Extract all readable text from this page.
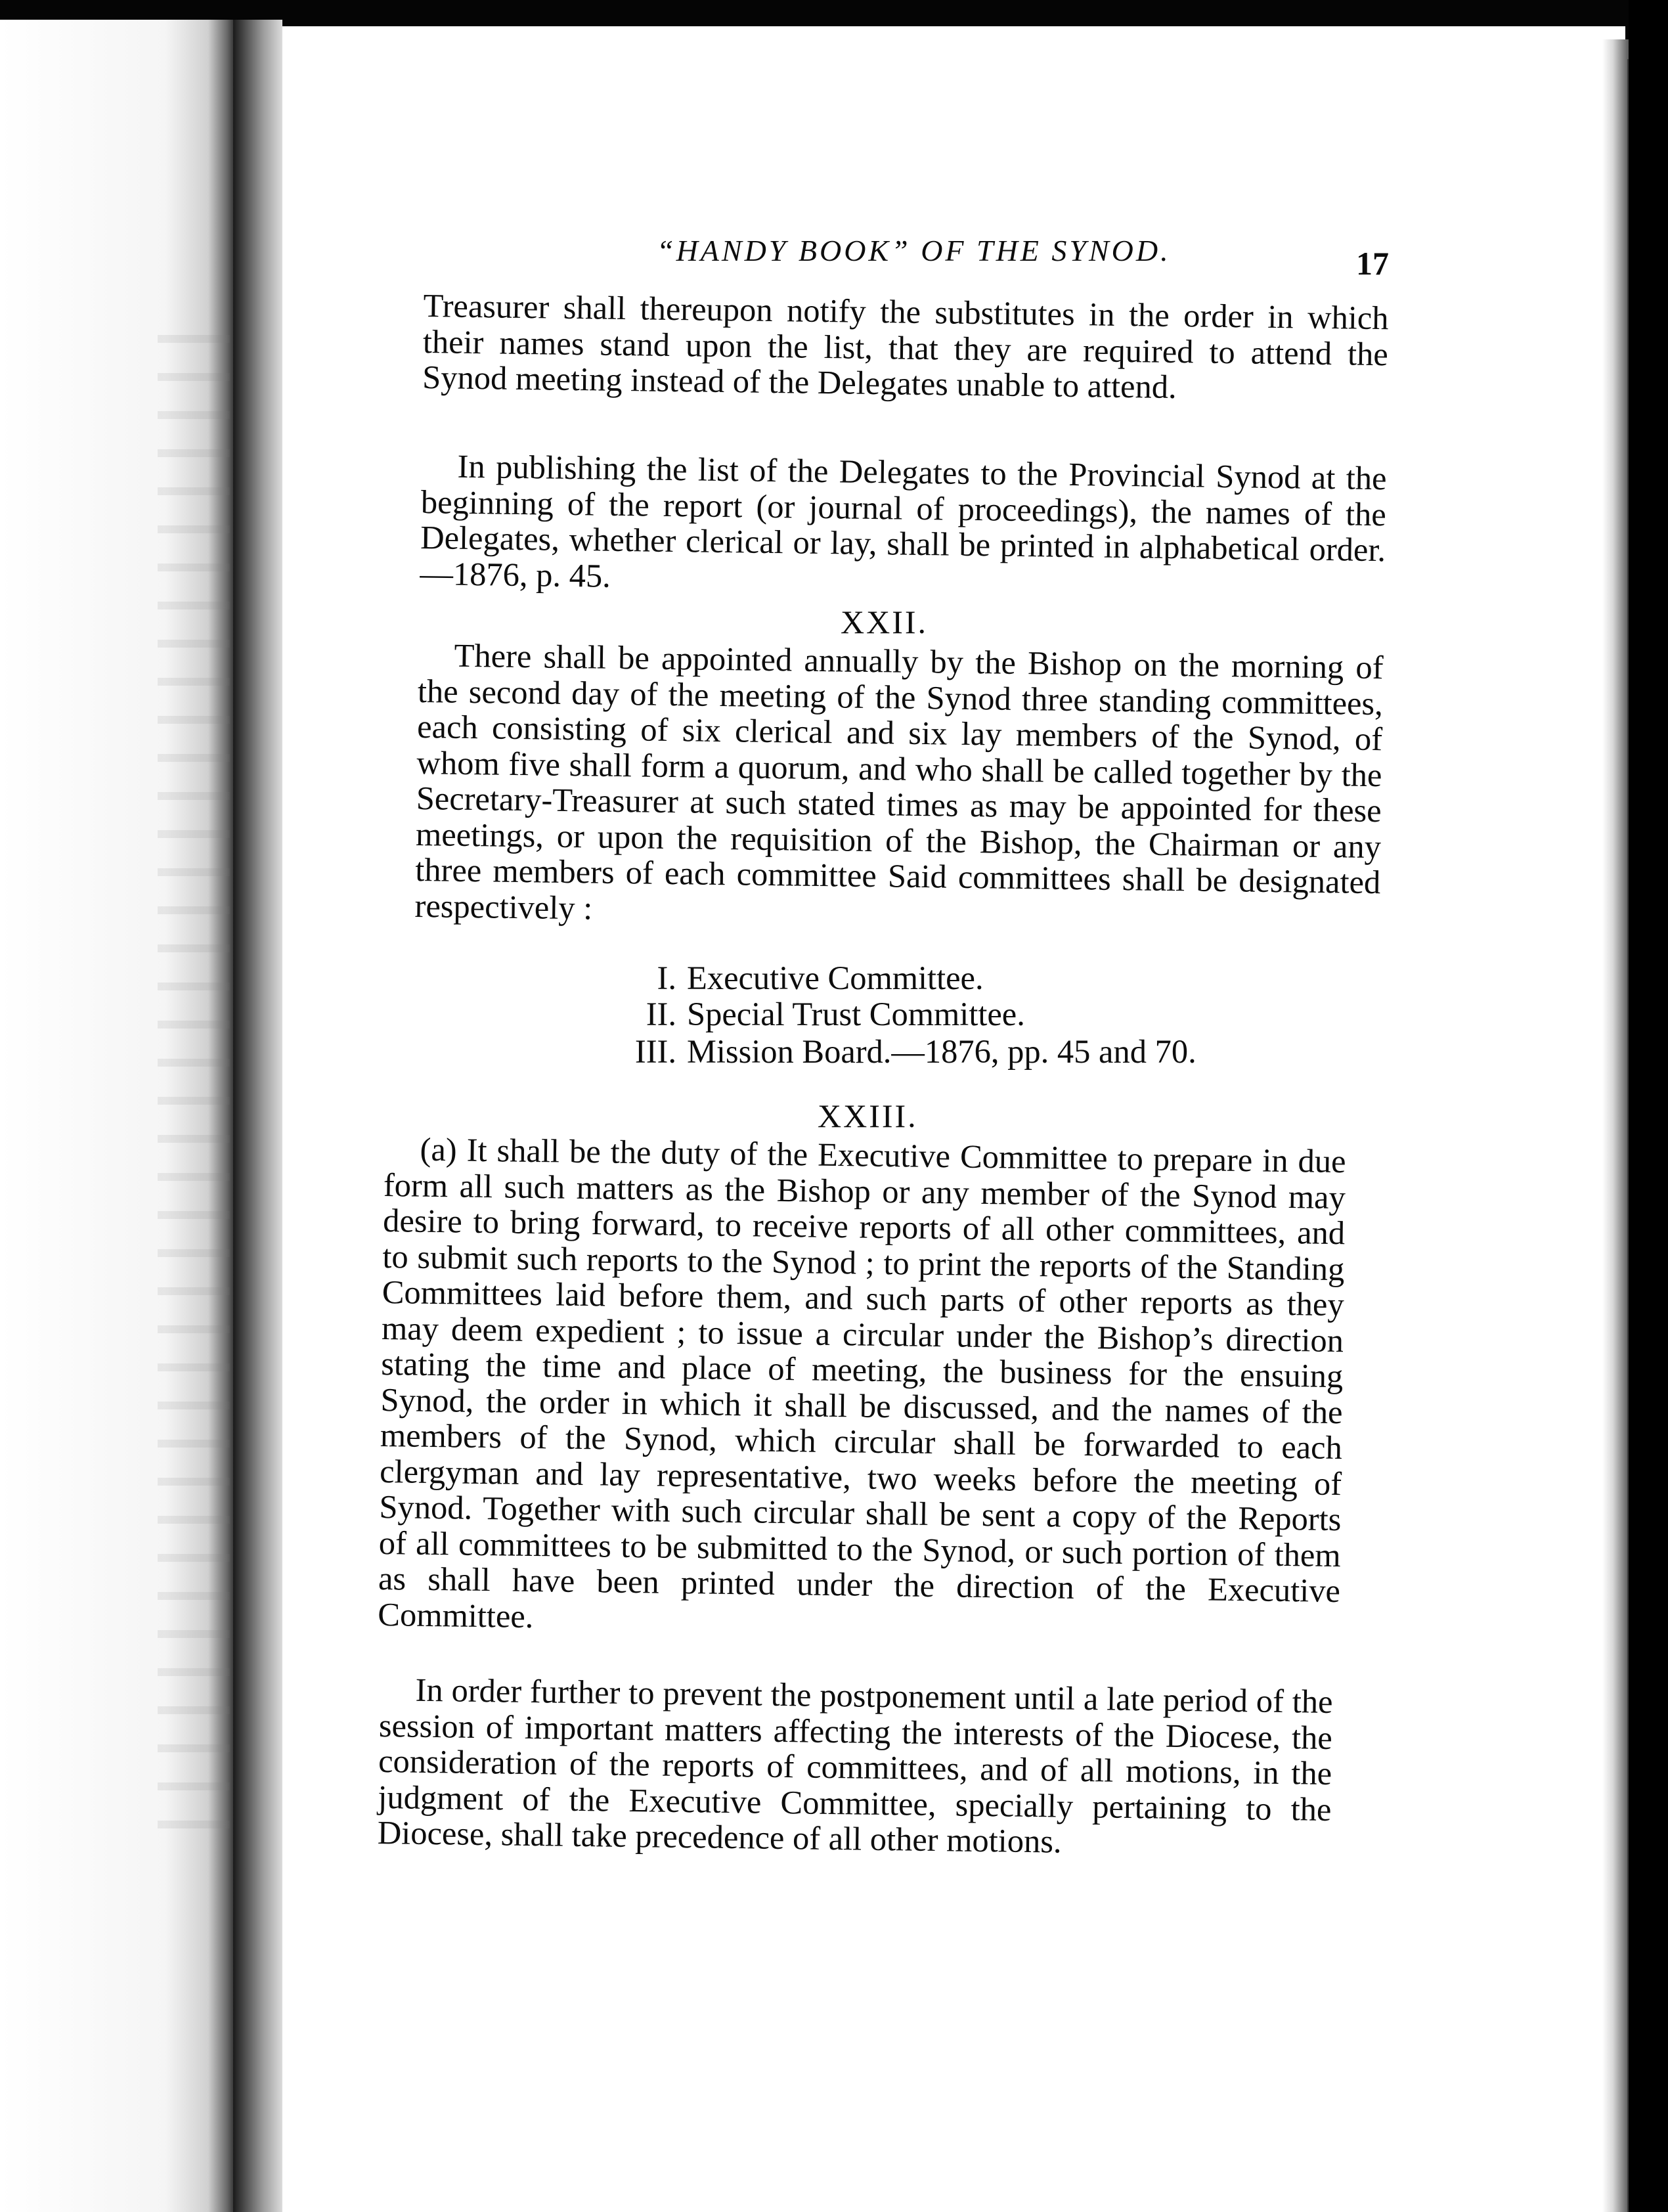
“HANDY BOOK” OF THE SYNOD.	17

Treasurer shall thereupon notify the substitutes in the order in which their names stand upon the list, that they are required to attend the Synod meeting instead of the Delegates unable to attend.

In publishing the list of the Delegates to the Provincial Synod at the beginning of the report (or journal of proceedings), the names of the Delegates, whether clerical or lay, shall be printed in alphabetical order.—1876, p. 45.

XXII.

There shall be appointed annually by the Bishop on the morning of the second day of the meeting of the Synod three standing committees, each consisting of six clerical and six lay members of the Synod, of whom five shall form a quorum, and who shall be called together by the Secretary-Treasurer at such stated times as may be appointed for these meetings, or upon the requisition of the Bishop, the Chairman or any three members of each committee Said committees shall be designated respectively :

I. Executive Committee.
II. Special Trust Committee.
III. Mission Board.—1876, pp. 45 and 70.
XXIII.

(a) It shall be the duty of the Executive Committee to prepare in due form all such matters as the Bishop or any member of the Synod may desire to bring forward, to receive reports of all other committees, and to submit such reports to the Synod ; to print the reports of the Standing Committees laid before them, and such parts of other reports as they may deem expedient ; to issue a circular under the Bishop’s direction stating the time and place of meeting, the business for the ensuing Synod, the order in which it shall be discussed, and the names of the members of the Synod, which circular shall be forwarded to each clergyman and lay representative, two weeks before the meeting of Synod. Together with such circular shall be sent a copy of the Reports of all committees to be submitted to the Synod, or such portion of them as shall have been printed under the direction of the Executive Committee.

In order further to prevent the postponement until a late period of the session of important matters affecting the interests of the Diocese, the consideration of the reports of committees, and of all motions, in the judgment of the Executive Committee, specially pertaining to the Diocese, shall take precedence of all other motions.
